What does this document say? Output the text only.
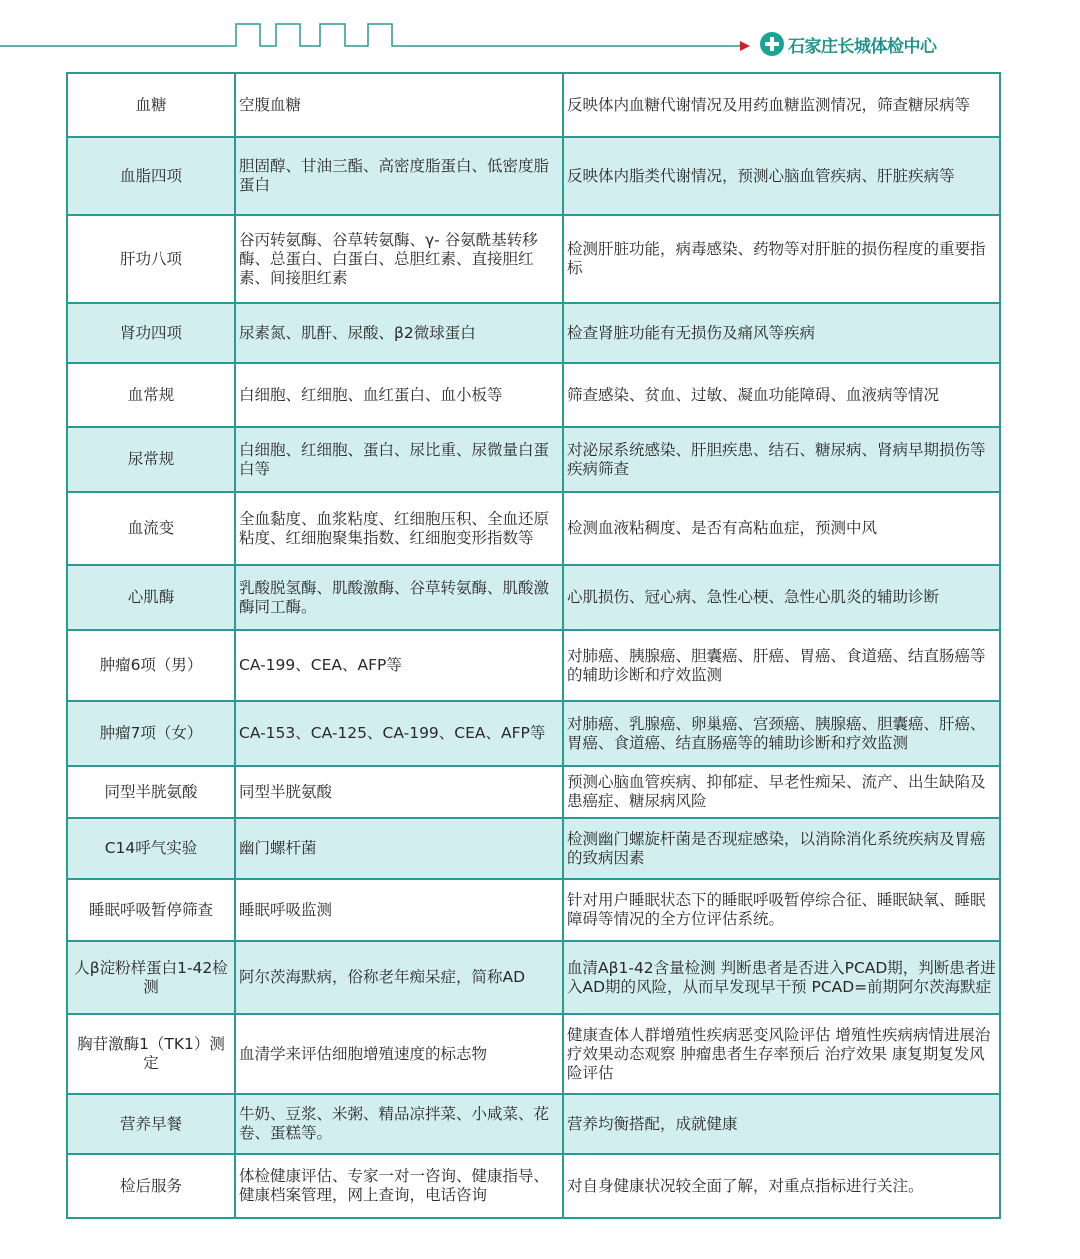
石家庄长城体检中心
血糖	空腹血糖	反映体内血糖代谢情况及用药血糖监测情况，筛查糖尿病等
血脂四项	胆固醇、甘油三酯、高密度脂蛋白、低密度脂蛋白	反映体内脂类代谢情况，预测心脑血管疾病、肝脏疾病等
肝功八项	谷丙转氨酶、谷草转氨酶、γ- 谷氨酰基转移酶、总蛋白、白蛋白、总胆红素、直接胆红素、间接胆红素	检测肝脏功能，病毒感染、药物等对肝脏的损伤程度的重要指标
肾功四项	尿素氮、肌酐、尿酸、β2微球蛋白	检查肾脏功能有无损伤及痛风等疾病
血常规	白细胞、红细胞、血红蛋白、血小板等	筛查感染、贫血、过敏、凝血功能障碍、血液病等情况
尿常规	白细胞、红细胞、蛋白、尿比重、尿微量白蛋白等	对泌尿系统感染、肝胆疾患、结石、糖尿病、肾病早期损伤等疾病筛查
血流变	全血黏度、血浆粘度、红细胞压积、全血还原粘度、红细胞聚集指数、红细胞变形指数等	检测血液粘稠度、是否有高粘血症，预测中风
心肌酶	乳酸脱氢酶、肌酸激酶、谷草转氨酶、肌酸激酶同工酶。	心肌损伤、冠心病、急性心梗、急性心肌炎的辅助诊断
肿瘤6项（男）	CA-199、CEA、AFP等	对肺癌、胰腺癌、胆囊癌、肝癌、胃癌、食道癌、结直肠癌等的辅助诊断和疗效监测
肿瘤7项（女）	CA-153、CA-125、CA-199、CEA、AFP等	对肺癌、乳腺癌、卵巢癌、宫颈癌、胰腺癌、胆囊癌、肝癌、胃癌、食道癌、结直肠癌等的辅助诊断和疗效监测
同型半胱氨酸	同型半胱氨酸	预测心脑血管疾病、抑郁症、早老性痴呆、流产、出生缺陷及患癌症、糖尿病风险
C14呼气实验	幽门螺杆菌	检测幽门螺旋杆菌是否现症感染，以消除消化系统疾病及胃癌的致病因素
睡眠呼吸暂停筛查	睡眠呼吸监测	针对用户睡眠状态下的睡眠呼吸暂停综合征、睡眠缺氧、睡眠障碍等情况的全方位评估系统。
人β淀粉样蛋白1-42检测	阿尔茨海默病，俗称老年痴呆症，简称AD	血清Aβ1-42含量检测 判断患者是否进入PCAD期，判断患者进入AD期的风险，从而早发现早干预 PCAD=前期阿尔茨海默症
胸苷激酶1（TK1）测定	血清学来评估细胞增殖速度的标志物	健康查体人群增殖性疾病恶变风险评估 增殖性疾病病情进展治疗效果动态观察 肿瘤患者生存率预后 治疗效果 康复期复发风险评估
营养早餐	牛奶、豆浆、米粥、精品凉拌菜、小咸菜、花卷、蛋糕等。	营养均衡搭配，成就健康
检后服务	体检健康评估、专家一对一咨询、健康指导、健康档案管理，网上查询，电话咨询	对自身健康状况较全面了解，对重点指标进行关注。
